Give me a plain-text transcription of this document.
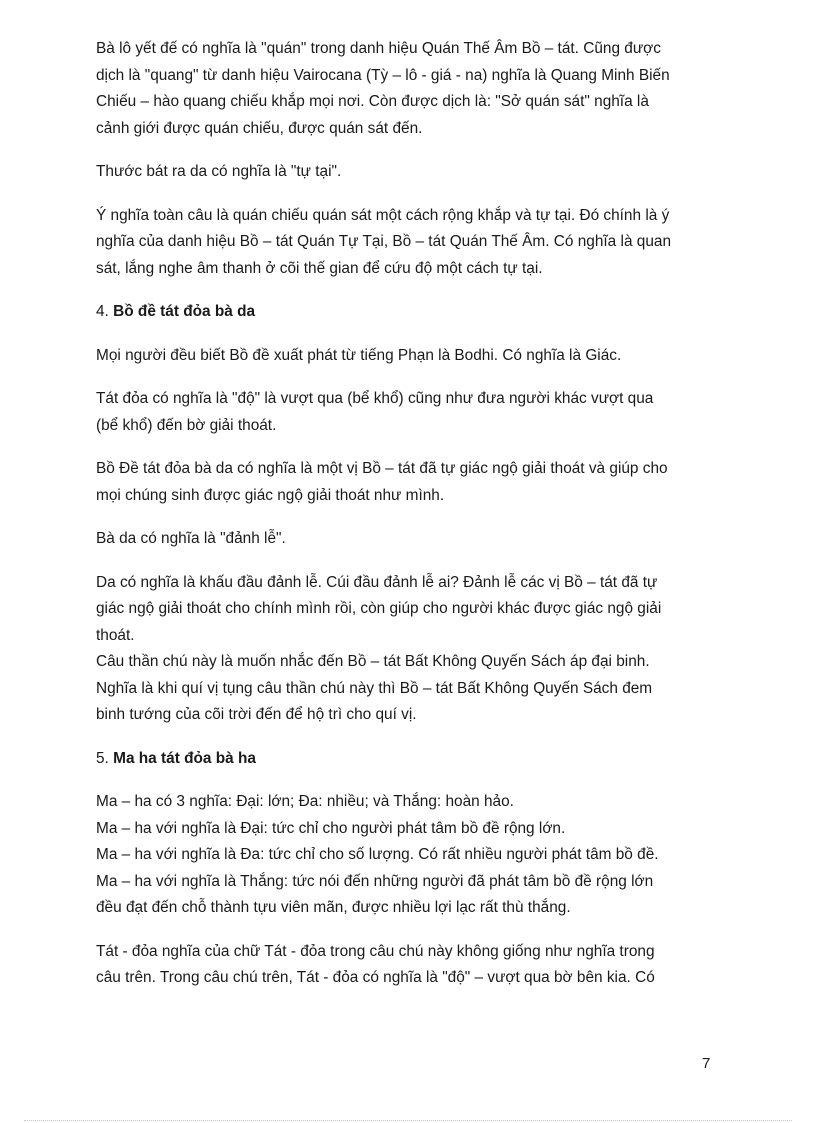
Bà lô yết đế có nghĩa là "quán" trong danh hiệu Quán Thế Âm Bồ – tát. Cũng được
dịch là "quang" từ danh hiệu Vairocana (Tỳ – lô - giá - na) nghĩa là Quang Minh Biến
Chiếu – hào quang chiếu khắp mọi nơi. Còn được dịch là: "Sở quán sát" nghĩa là
cảnh giới được quán chiếu, được quán sát đến.

Thước bát ra da có nghĩa là "tự tại".

Ý nghĩa toàn câu là quán chiếu quán sát một cách rộng khắp và tự tại. Đó chính là ý
nghĩa của danh hiệu Bồ – tát Quán Tự Tại, Bồ – tát Quán Thế Âm. Có nghĩa là quan
sát, lắng nghe âm thanh ở cõi thế gian để cứu độ một cách tự tại.

4. Bồ đề tát đỏa bà da

Mọi người đều biết Bồ đề xuất phát từ tiếng Phạn là Bodhi. Có nghĩa là Giác.

Tát đỏa có nghĩa là "độ" là vượt qua (bể khổ) cũng như đưa người khác vượt qua
(bể khổ) đến bờ giải thoát.

Bồ Đề tát đỏa bà da có nghĩa là một vị Bồ – tát đã tự giác ngộ giải thoát và giúp cho
mọi chúng sinh được giác ngộ giải thoát như mình.

Bà da có nghĩa là "đảnh lễ".

Da có nghĩa là khấu đầu đảnh lễ. Cúi đầu đảnh lễ ai? Đảnh lễ các vị Bồ – tát đã tự
giác ngộ giải thoát cho chính mình rồi, còn giúp cho người khác được giác ngộ giải
thoát.

Câu thần chú này là muốn nhắc đến Bồ – tát Bất Không Quyến Sách áp đại binh.
Nghĩa là khi quí vị tụng câu thần chú này thì Bồ – tát Bất Không Quyến Sách đem
binh tướng của cõi trời đến để hộ trì cho quí vị.

5. Ma ha tát đỏa bà ha

Ma – ha có 3 nghĩa: Đại: lớn; Đa: nhiều; và Thắng: hoàn hảo.
Ma – ha với nghĩa là Đại: tức chỉ cho người phát tâm bồ đề rộng lớn.
Ma – ha với nghĩa là Đa: tức chỉ cho số lượng. Có rất nhiều người phát tâm bồ đề.
Ma – ha với nghĩa là Thắng: tức nói đến những người đã phát tâm bồ đề rộng lớn
đều đạt đến chỗ thành tựu viên mãn, được nhiều lợi lạc rất thù thắng.

Tát - đỏa nghĩa của chữ Tát - đỏa trong câu chú này không giống như nghĩa trong
câu trên. Trong câu chú trên, Tát - đỏa có nghĩa là "độ" – vượt qua bờ bên kia. Có

7
